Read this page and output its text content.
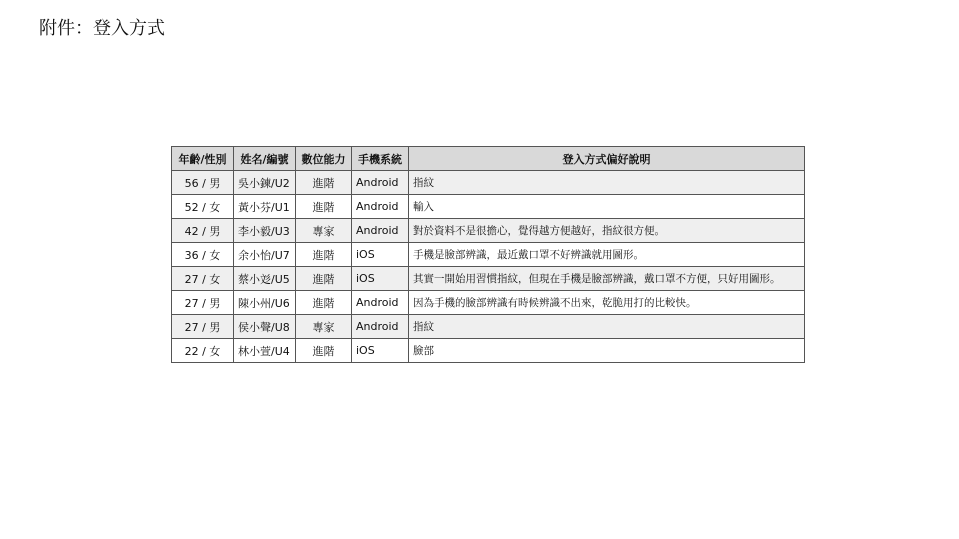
附件：登入方式
年齡/性別	姓名/編號	數位能力	手機系統	登入方式偏好說明
56 / 男	吳小鍊/U2	進階	Android	指紋
52 / 女	黃小芬/U1	進階	Android	輸入
42 / 男	李小毅/U3	專家	Android	對於資料不是很擔心，覺得越方便越好，指紋很方便。
36 / 女	余小怡/U7	進階	iOS	手機是臉部辨識，最近戴口罩不好辨識就用圖形。
27 / 女	蔡小彣/U5	進階	iOS	其實一開始用習慣指紋，但現在手機是臉部辨識，戴口罩不方便，只好用圖形。
27 / 男	陳小州/U6	進階	Android	因為手機的臉部辨識有時候辨識不出來，乾脆用打的比較快。
27 / 男	侯小聲/U8	專家	Android	指紋
22 / 女	林小萱/U4	進階	iOS	臉部
